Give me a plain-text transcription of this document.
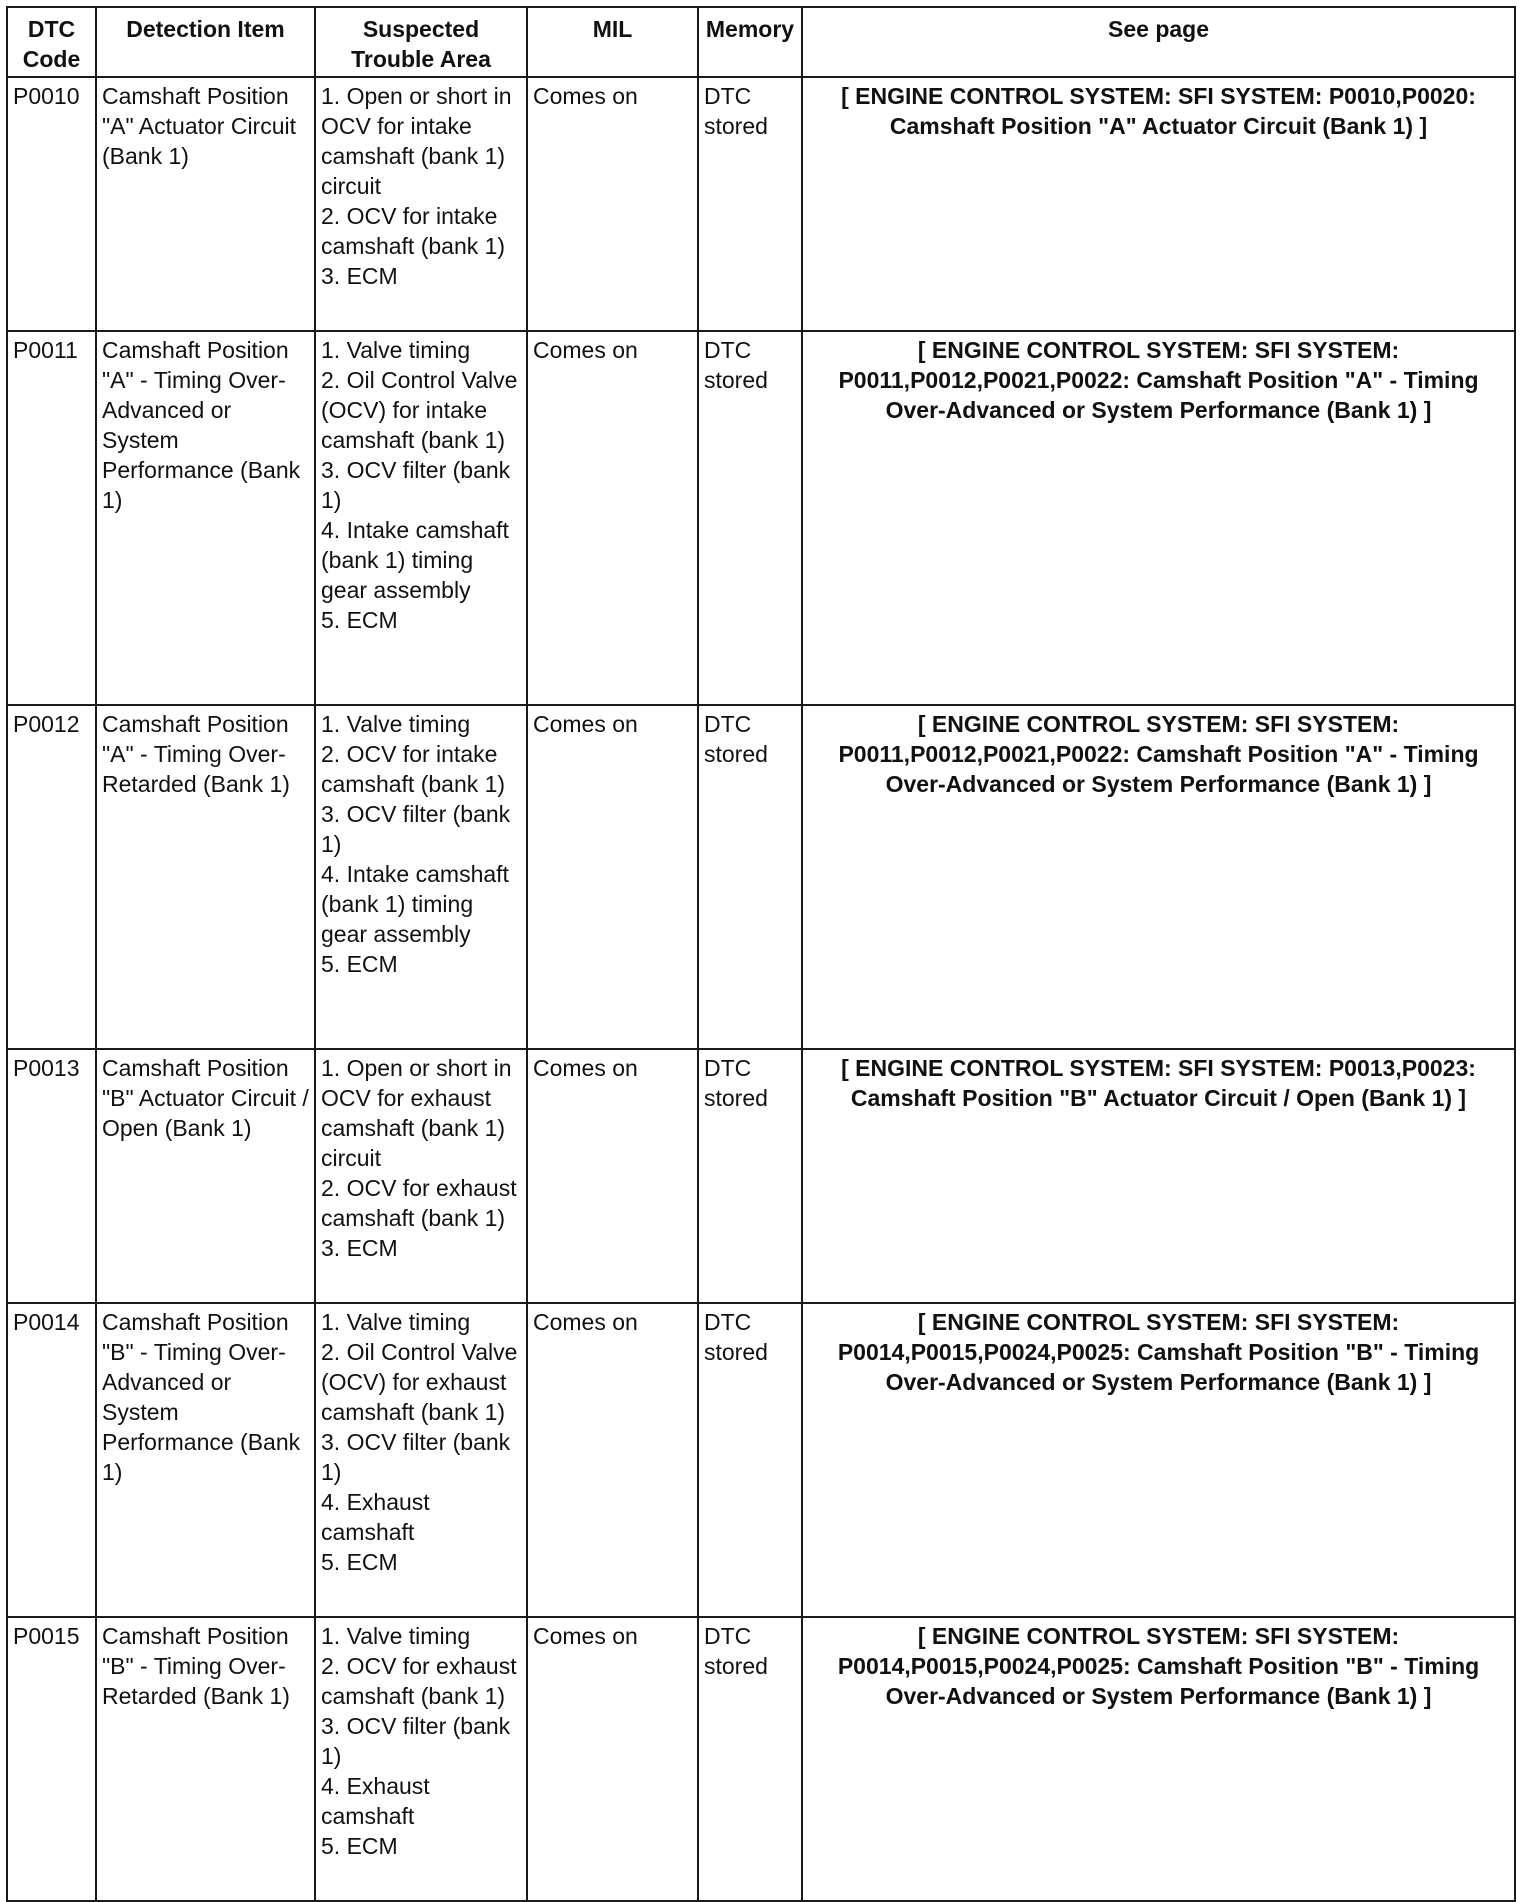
DTC
Code	Detection Item	Suspected
Trouble Area	MIL	Memory	See page
P0010	Camshaft Position "A" Actuator Circuit (Bank 1)	1. Open or short in OCV for intake camshaft (bank 1) circuit
2. OCV for intake camshaft (bank 1)
3. ECM	Comes on	DTC stored	[ ENGINE CONTROL SYSTEM: SFI SYSTEM: P0010,P0020: Camshaft Position "A" Actuator Circuit (Bank 1) ]
P0011	Camshaft Position "A" - Timing Over-Advanced or System Performance (Bank 1)	1. Valve timing
2. Oil Control Valve (OCV) for intake camshaft (bank 1)
3. OCV filter (bank 1)
4. Intake camshaft (bank 1) timing gear assembly
5. ECM	Comes on	DTC stored	[ ENGINE CONTROL SYSTEM: SFI SYSTEM: P0011,P0012,P0021,P0022: Camshaft Position "A" - Timing Over-Advanced or System Performance (Bank 1) ]
P0012	Camshaft Position "A" - Timing Over-Retarded (Bank 1)	1. Valve timing
2. OCV for intake camshaft (bank 1)
3. OCV filter (bank 1)
4. Intake camshaft (bank 1) timing gear assembly
5. ECM	Comes on	DTC stored	[ ENGINE CONTROL SYSTEM: SFI SYSTEM: P0011,P0012,P0021,P0022: Camshaft Position "A" - Timing Over-Advanced or System Performance (Bank 1) ]
P0013	Camshaft Position "B" Actuator Circuit / Open (Bank 1)	1. Open or short in OCV for exhaust camshaft (bank 1) circuit
2. OCV for exhaust camshaft (bank 1)
3. ECM	Comes on	DTC stored	[ ENGINE CONTROL SYSTEM: SFI SYSTEM: P0013,P0023: Camshaft Position "B" Actuator Circuit / Open (Bank 1) ]
P0014	Camshaft Position "B" - Timing Over-Advanced or System Performance (Bank 1)	1. Valve timing
2. Oil Control Valve (OCV) for exhaust camshaft (bank 1)
3. OCV filter (bank 1)
4. Exhaust camshaft
5. ECM	Comes on	DTC stored	[ ENGINE CONTROL SYSTEM: SFI SYSTEM: P0014,P0015,P0024,P0025: Camshaft Position "B" - Timing Over-Advanced or System Performance (Bank 1) ]
P0015	Camshaft Position "B" - Timing Over-Retarded (Bank 1)	1. Valve timing
2. OCV for exhaust camshaft (bank 1)
3. OCV filter (bank 1)
4. Exhaust camshaft
5. ECM	Comes on	DTC stored	[ ENGINE CONTROL SYSTEM: SFI SYSTEM: P0014,P0015,P0024,P0025: Camshaft Position "B" - Timing Over-Advanced or System Performance (Bank 1) ]
